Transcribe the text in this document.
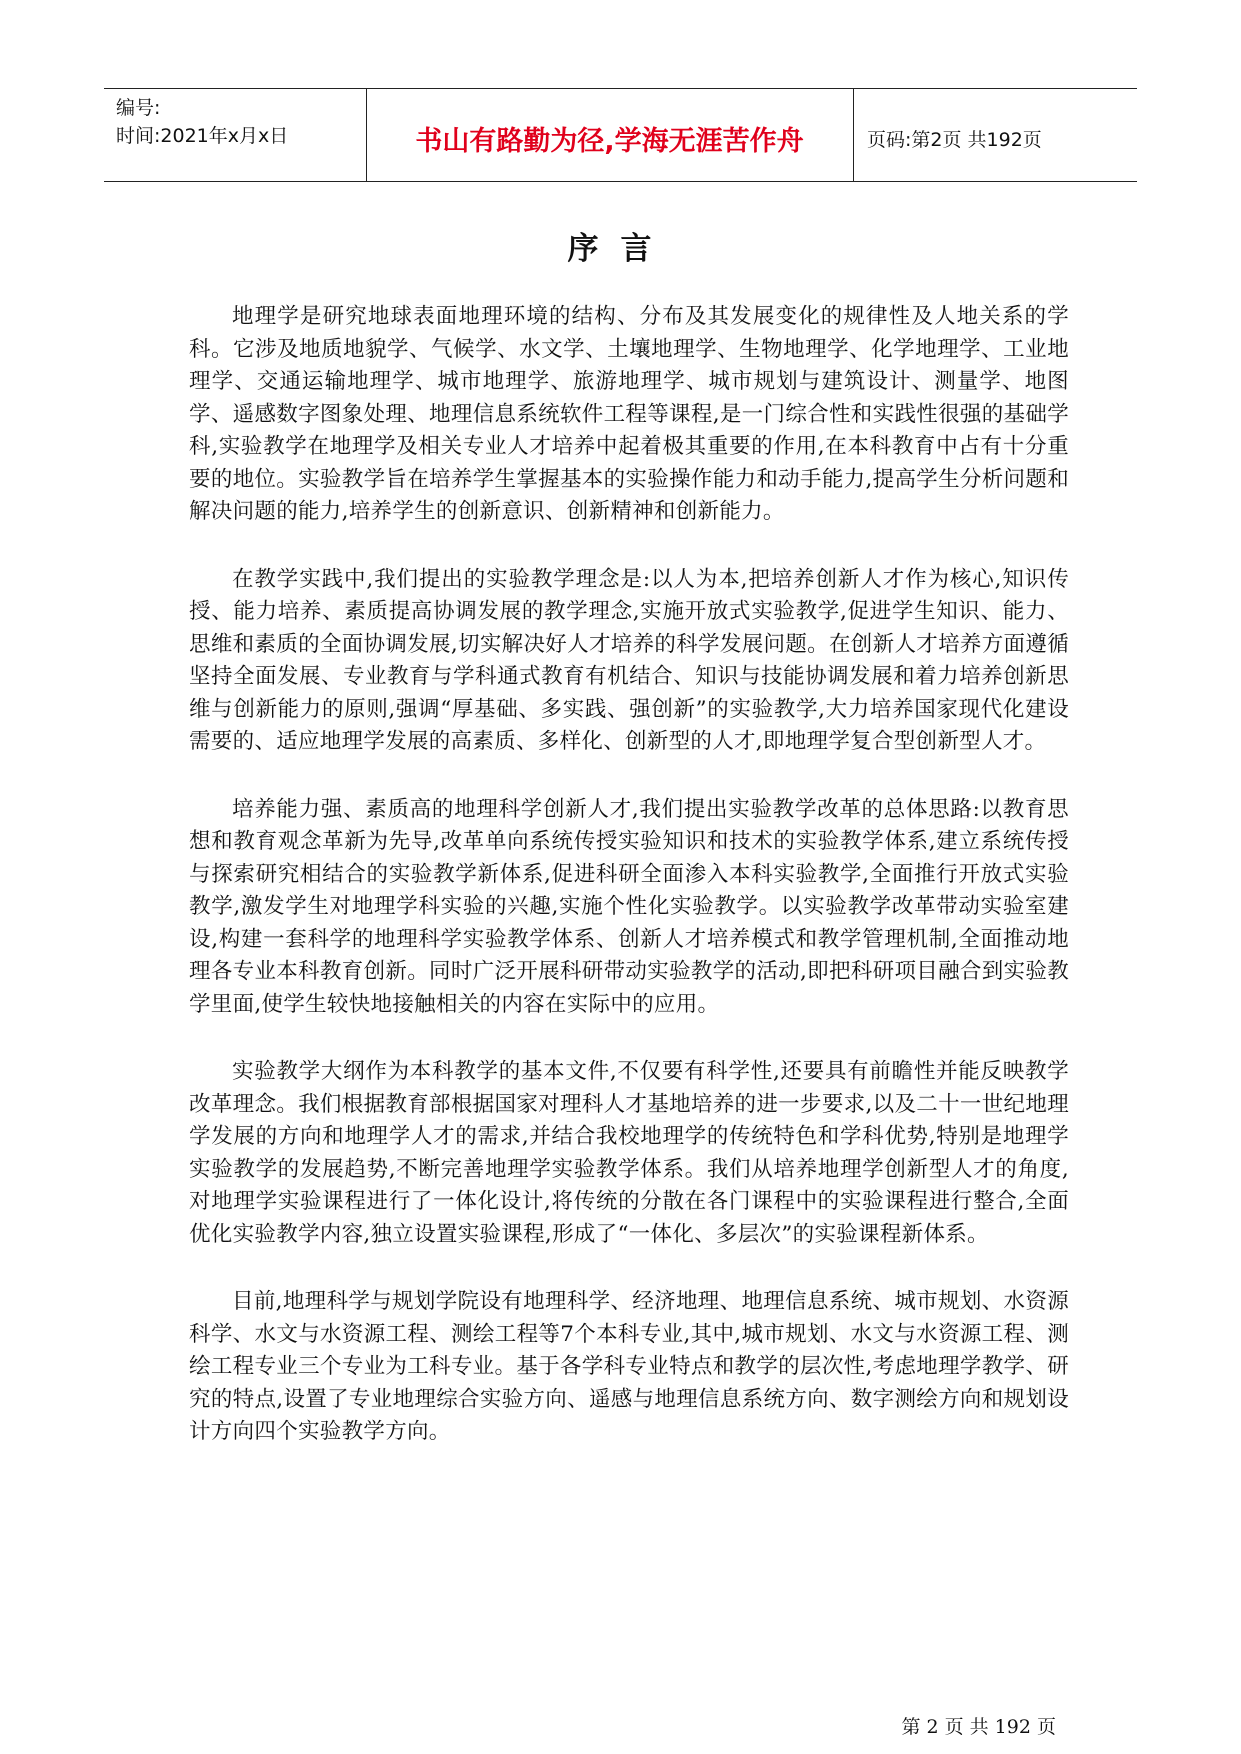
编号:
时间:2021年x月x日	书山有路勤为径,学海无涯苦作舟	页码:第2页 共192页
序言

地理学是研究地球表面地理环境的结构、分布及其发展变化的规律性及人地关系的学科。它涉及地质地貌学、气候学、水文学、土壤地理学、生物地理学、化学地理学、工业地理学、交通运输地理学、城市地理学、旅游地理学、城市规划与建筑设计、测量学、地图学、遥感数字图象处理、地理信息系统软件工程等课程,是一门综合性和实践性很强的基础学科,实验教学在地理学及相关专业人才培养中起着极其重要的作用,在本科教育中占有十分重要的地位。实验教学旨在培养学生掌握基本的实验操作能力和动手能力,提高学生分析问题和解决问题的能力,培养学生的创新意识、创新精神和创新能力。

在教学实践中,我们提出的实验教学理念是:以人为本,把培养创新人才作为核心,知识传授、能力培养、素质提高协调发展的教学理念,实施开放式实验教学,促进学生知识、能力、思维和素质的全面协调发展,切实解决好人才培养的科学发展问题。在创新人才培养方面遵循坚持全面发展、专业教育与学科通式教育有机结合、知识与技能协调发展和着力培养创新思维与创新能力的原则,强调“厚基础、多实践、强创新”的实验教学,大力培养国家现代化建设需要的、适应地理学发展的高素质、多样化、创新型的人才,即地理学复合型创新型人才。

培养能力强、素质高的地理科学创新人才,我们提出实验教学改革的总体思路:以教育思想和教育观念革新为先导,改革单向系统传授实验知识和技术的实验教学体系,建立系统传授与探索研究相结合的实验教学新体系,促进科研全面渗入本科实验教学,全面推行开放式实验教学,激发学生对地理学科实验的兴趣,实施个性化实验教学。以实验教学改革带动实验室建设,构建一套科学的地理科学实验教学体系、创新人才培养模式和教学管理机制,全面推动地理各专业本科教育创新。同时广泛开展科研带动实验教学的活动,即把科研项目融合到实验教学里面,使学生较快地接触相关的内容在实际中的应用。

实验教学大纲作为本科教学的基本文件,不仅要有科学性,还要具有前瞻性并能反映教学改革理念。我们根据教育部根据国家对理科人才基地培养的进一步要求,以及二十一世纪地理学发展的方向和地理学人才的需求,并结合我校地理学的传统特色和学科优势,特别是地理学实验教学的发展趋势,不断完善地理学实验教学体系。我们从培养地理学创新型人才的角度,对地理学实验课程进行了一体化设计,将传统的分散在各门课程中的实验课程进行整合,全面优化实验教学内容,独立设置实验课程,形成了“一体化、多层次”的实验课程新体系。

目前,地理科学与规划学院设有地理科学、经济地理、地理信息系统、城市规划、水资源科学、水文与水资源工程、测绘工程等7个本科专业,其中,城市规划、水文与水资源工程、测绘工程专业三个专业为工科专业。基于各学科专业特点和教学的层次性,考虑地理学教学、研究的特点,设置了专业地理综合实验方向、遥感与地理信息系统方向、数字测绘方向和规划设计方向四个实验教学方向。

第 2 页 共 192 页
